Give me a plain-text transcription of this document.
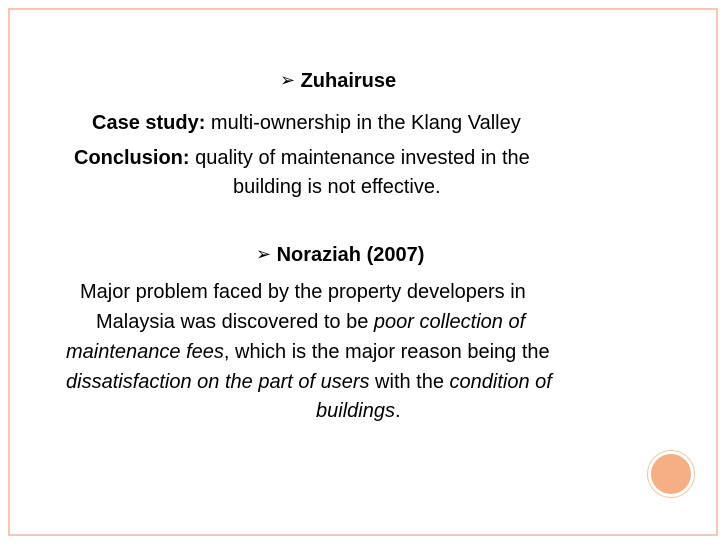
➢ Zuhairuse
Case study: multi-ownership in the Klang Valley
Conclusion: quality of maintenance invested in the
building is not effective.
➢ Noraziah (2007)
Major problem faced by the property developers in
Malaysia was discovered to be poor collection of
maintenance fees, which is the major reason being the
dissatisfaction on the part of users with the condition of
buildings.
